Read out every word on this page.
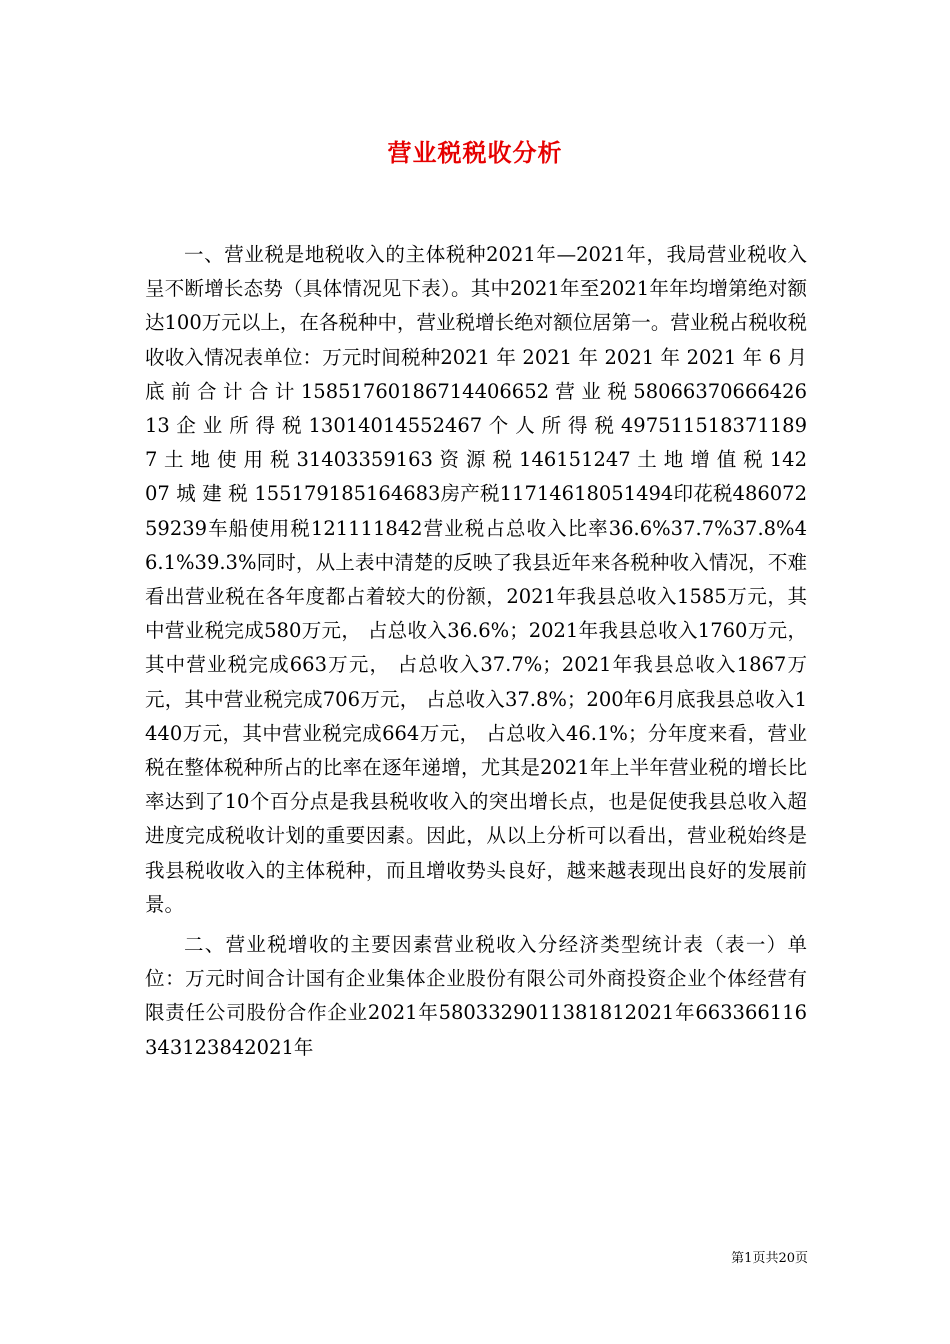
营业税税收分析

一、营业税是地税收入的主体税种2021年—2021年，我局营业税收入呈不断增长态势（具体情况见下表）。其中2021年至2021年年均增第绝对额达100万元以上，在各税种中，营业税增长绝对额位居第一。营业税占税收税收收入情况表单位：万元时间税种2021 年 2021 年 2021 年 2021 年 6 月 底 前 合 计 合 计 15851760186714406652 营 业 税 5806637066642613 企 业 所 得 税 13014014552467 个 人 所 得 税 4975115183711897 土 地 使 用 税 31403359163 资 源 税 146151247 土 地 增 值 税 14207 城 建 税 155179185164683房产税11714618051494印花税48607259239车船使用税121111842营业税占总收入比率36.6%37.7%37.8%46.1%39.3%同时，从上表中清楚的反映了我县近年来各税种收入情况，不难看出营业税在各年度都占着较大的份额，2021年我县总收入1585万元，其中营业税完成580万元， 占总收入36.6%；2021年我县总收入1760万元，其中营业税完成663万元， 占总收入37.7%；2021年我县总收入1867万元，其中营业税完成706万元， 占总收入37.8%；200年6月底我县总收入1440万元，其中营业税完成664万元， 占总收入46.1%；分年度来看，营业税在整体税种所占的比率在逐年递增，尤其是2021年上半年营业税的增长比率达到了10个百分点是我县税收收入的突出增长点，也是促使我县总收入超进度完成税收计划的重要因素。因此，从以上分析可以看出，营业税始终是我县税收收入的主体税种，而且增收势头良好，越来越表现出良好的发展前景。

二、营业税增收的主要因素营业税收入分经济类型统计表（表一）单位：万元时间合计国有企业集体企业股份有限公司外商投资企业个体经营有限责任公司股份合作企业2021年5803329011381812021年663366116343123842021年

第1页共20页
